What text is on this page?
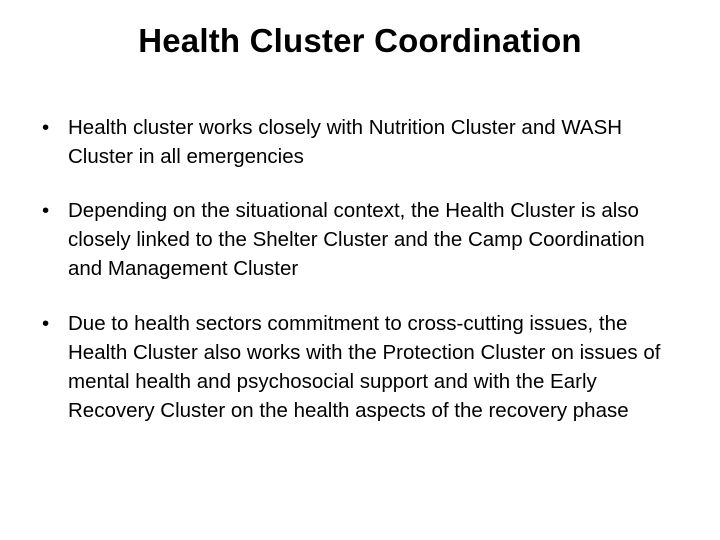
Health Cluster Coordination
• Health cluster works closely with Nutrition Cluster and WASH Cluster in all emergencies
• Depending on the situational context, the Health Cluster is also closely linked to the Shelter Cluster and the Camp Coordination and Management Cluster
• Due to health sectors commitment to cross-cutting issues, the Health Cluster also works with the Protection Cluster on issues of mental health and psychosocial support and with the Early Recovery Cluster on the health aspects of the recovery phase
